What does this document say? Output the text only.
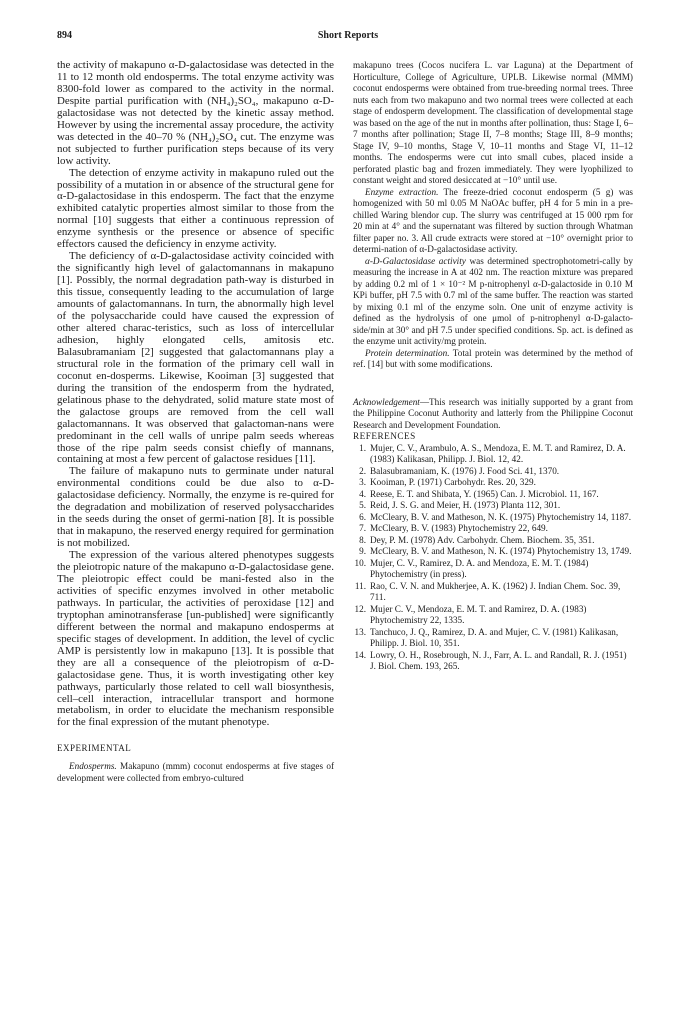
894	Short Reports

the activity of makapuno α-D-galactosidase was detected in the 11 to 12 month old endosperms. The total enzyme activity was 8300-fold lower as compared to the activity in the normal. Despite partial purification with (NH₄)₂SO₄, makapuno α-D-galactosidase was not detected by the kinetic assay method. However by using the incremental assay procedure, the activity was detected in the 40–70 % (NH₄)₂SO₄ cut. The enzyme was not subjected to further purification steps because of its very low activity.

The detection of enzyme activity in makapuno ruled out the possibility of a mutation in or absence of the structural gene for α-D-galactosidase in this endosperm. The fact that the enzyme exhibited catalytic properties almost similar to those from the normal [10] suggests that either a continuous repression of enzyme synthesis or the presence or absence of specific effectors caused the deficiency in enzyme activity.

The deficiency of α-D-galactosidase activity coincided with the significantly high level of galactomannans in makapuno [1]. Possibly, the normal degradation path-way is disturbed in this tissue, consequently leading to the accumulation of large amounts of galactomannans. In turn, the abnormally high level of the polysaccharide could have caused the expression of other altered charac-teristics, such as loss of intercellular adhesion, highly elongated cells, amitosis etc. Balasubramaniam [2] suggested that galactomannans play a structural role in the formation of the primary cell wall in coconut en-dosperms. Likewise, Kooiman [3] suggested that during the transition of the endosperm from the hydrated, gelatinous phase to the dehydrated, solid mature state most of the galactose groups are removed from the cell wall galactomannans. It was observed that galactoman-nans were predominant in the cell walls of unripe palm seeds whereas those of the ripe palm seeds consist chiefly of mannans, containing at most a few percent of galactose residues [11].

The failure of makapuno nuts to germinate under natural environmental conditions could be due also to α-D-galactosidase deficiency. Normally, the enzyme is re-quired for the degradation and mobilization of reserved polysaccharides in the seeds during the onset of germi-nation [8]. It is possible that in makapuno, the reserved energy required for germination is not mobilized.

The expression of the various altered phenotypes suggests the pleiotropic nature of the makapuno α-D-galactosidase gene. The pleiotropic effect could be mani-fested also in the activities of specific enzymes involved in other metabolic pathways. In particular, the activities of peroxidase [12] and tryptophan aminotransferase [un-published] were significantly different between the normal and makapuno endosperms at specific stages of development. In addition, the level of cyclic AMP is persistently low in makapuno [13]. It is possible that they are all a consequence of the pleiotropism of α-D-galactosidase gene. Thus, it is worth investigating other key pathways, particularly those related to cell wall biosynthesis, cell–cell interaction, intracellular transport and hormone metabolism, in order to elucidate the mechanism responsible for the final expression of the mutant phenotype.

EXPERIMENTAL

Endosperms. Makapuno (mmm) coconut endosperms at five stages of development were collected from embryo-cultured

makapuno trees (Cocos nucifera L. var Laguna) at the Department of Horticulture, College of Agriculture, UPLB. Likewise normal (MMM) coconut endosperms were obtained from true-breeding normal trees. Three nuts each from two makapuno and two normal trees were collected at each stage of endosperm development. The classification of developmental stage was based on the age of the nut in months after pollination, thus: Stage I, 6–7 months after pollination; Stage II, 7–8 months; Stage III, 8–9 months; Stage IV, 9–10 months, Stage V, 10–11 months and Stage VI, 11–12 months. The endosperms were cut into small cubes, placed inside a perforated plastic bag and frozen immediately. They were lyophilized to constant weight and stored desiccated at −10° until use.

Enzyme extraction. The freeze-dried coconut endosperm (5 g) was homogenized with 50 ml 0.05 M NaOAc buffer, pH 4 for 5 min in a pre-chilled Waring blendor cup. The slurry was centrifuged at 15 000 rpm for 20 min at 4° and the supernatant was filtered by suction through Whatman filter paper no. 3. All crude extracts were stored at −10° overnight prior to determi-nation of α-D-galactosidase activity.

α-D-Galactosidase activity was determined spectrophotometri-cally by measuring the increase in A at 402 nm. The reaction mixture was prepared by adding 0.2 ml of 1 × 10⁻² M p-nitrophenyl α-D-galactoside in 0.10 M KPi buffer, pH 7.5 with 0.7 ml of the same buffer. The reaction was started by mixing 0.1 ml of the enzyme soln. One unit of enzyme activity is defined as the hydrolysis of one μmol of p-nitrophenyl α-D-galacto-side/min at 30° and pH 7.5 under specified conditions. Sp. act. is defined as the enzyme unit activity/mg protein.

Protein determination. Total protein was determined by the method of ref. [14] but with some modifications.

Acknowledgement—This research was initially supported by a grant from the Philippine Coconut Authority and latterly from the Philippine Coconut Research and Development Foundation.

REFERENCES

1. Mujer, C. V., Arambulo, A. S., Mendoza, E. M. T. and Ramirez, D. A. (1983) Kalikasan, Philipp. J. Biol. 12, 42.
2. Balasubramaniam, K. (1976) J. Food Sci. 41, 1370.
3. Kooiman, P. (1971) Carbohydr. Res. 20, 329.
4. Reese, E. T. and Shibata, Y. (1965) Can. J. Microbiol. 11, 167.
5. Reid, J. S. G. and Meier, H. (1973) Planta 112, 301.
6. McCleary, B. V. and Matheson, N. K. (1975) Phytochemistry 14, 1187.
7. McCleary, B. V. (1983) Phytochemistry 22, 649.
8. Dey, P. M. (1978) Adv. Carbohydr. Chem. Biochem. 35, 351.
9. McCleary, B. V. and Matheson, N. K. (1974) Phytochemistry 13, 1749.
10. Mujer, C. V., Ramirez, D. A. and Mendoza, E. M. T. (1984) Phytochemistry (in press).
11. Rao, C. V. N. and Mukherjee, A. K. (1962) J. Indian Chem. Soc. 39, 711.
12. Mujer C. V., Mendoza, E. M. T. and Ramirez, D. A. (1983) Phytochemistry 22, 1335.
13. Tanchuco, J. Q., Ramirez, D. A. and Mujer, C. V. (1981) Kalikasan, Philipp. J. Biol. 10, 351.
14. Lowry, O. H., Rosebrough, N. J., Farr, A. L. and Randall, R. J. (1951) J. Biol. Chem. 193, 265.
